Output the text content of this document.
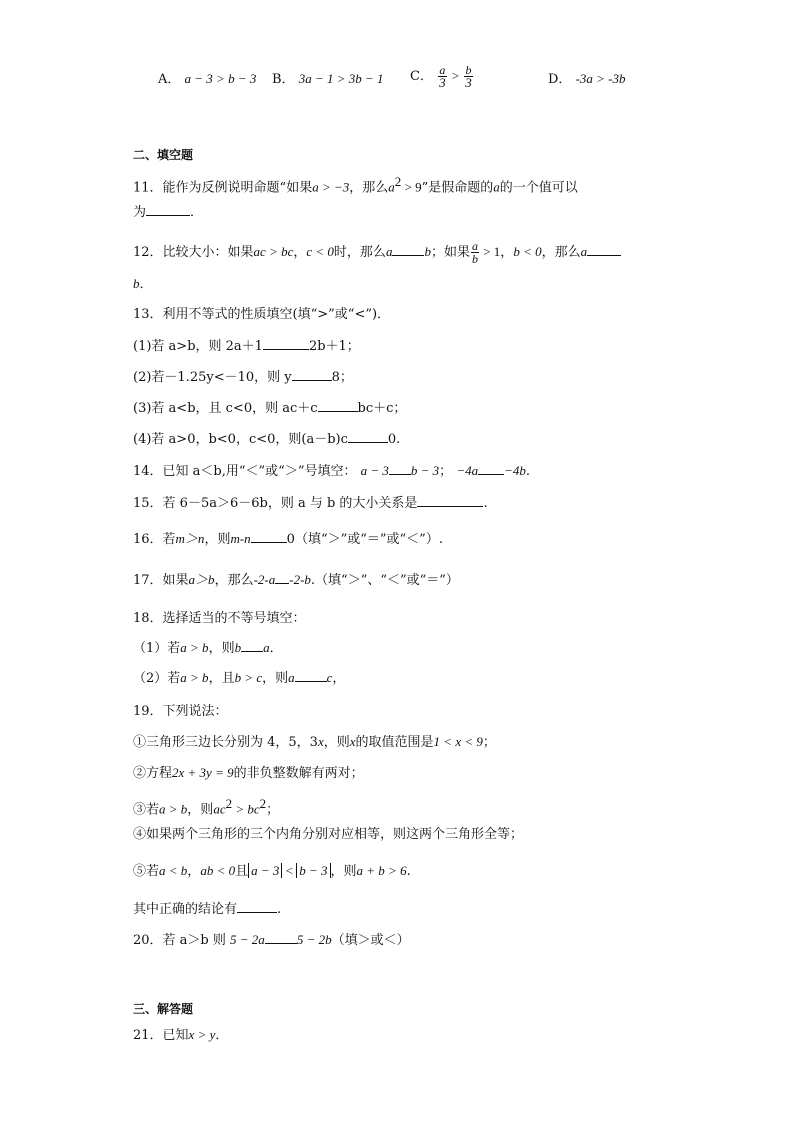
A． a − 3 > b − 3 B． 3a − 1 > 3b − 1 C． $\frac{a}{3} > \frac{b}{3}$	D． -3a > -3b
二、填空题
11．能作为反例说明命题“如果a > −3，那么$a^2 > 9$”是假命题的a的一个值可以
为	．
12．比较大小：如果ac > bc，c < 0时，那么a b；如果 $\frac{a}{b} > 1$，b < 0，那么a
b．
13．利用不等式的性质填空(填“>”或“<”)．
(1)若 a>b，则 2a＋1	2b＋1；
(2)若－1.25y<－10，则 y	8；
(3)若 a<b，且 c<0，则 ac＋c	bc＋c；
(4)若 a>0，b<0，c<0，则(a－b)c	0.
14．已知 a＜b,用“＜”或“＞”号填空： a − 3 b − 3； −4a −4b.
15．若 6－5a＞6－6b，则 a 与 b 的大小关系是	.
16．若m＞n，则m-n	0（填“＞”或“＝”或“＜”）.
17．如果a＞b，那么-2-a -2-b.（填“＞”、“＜”或“＝”）
18．选择适当的不等号填空：
（1）若a > b，则b a．
（2）若a > b，且b > c，则a c，
19．下列说法：
①三角形三边长分别为 4，5，3x，则x的取值范围是1 < x < 9；
②方程2x + 3y = 9的非负整数解有两对；
③若a > b，则$ac^2 > bc^2$；
④如果两个三角形的三个内角分别对应相等，则这两个三角形全等；
⑤若a < b，ab < 0且 a − 3 < b − 3 ，则a + b > 6.
其中正确的结论有	.
20．若 a＞b 则 5 − 2a 5 − 2b（填＞或＜）
三、解答题
21．已知x > y．
